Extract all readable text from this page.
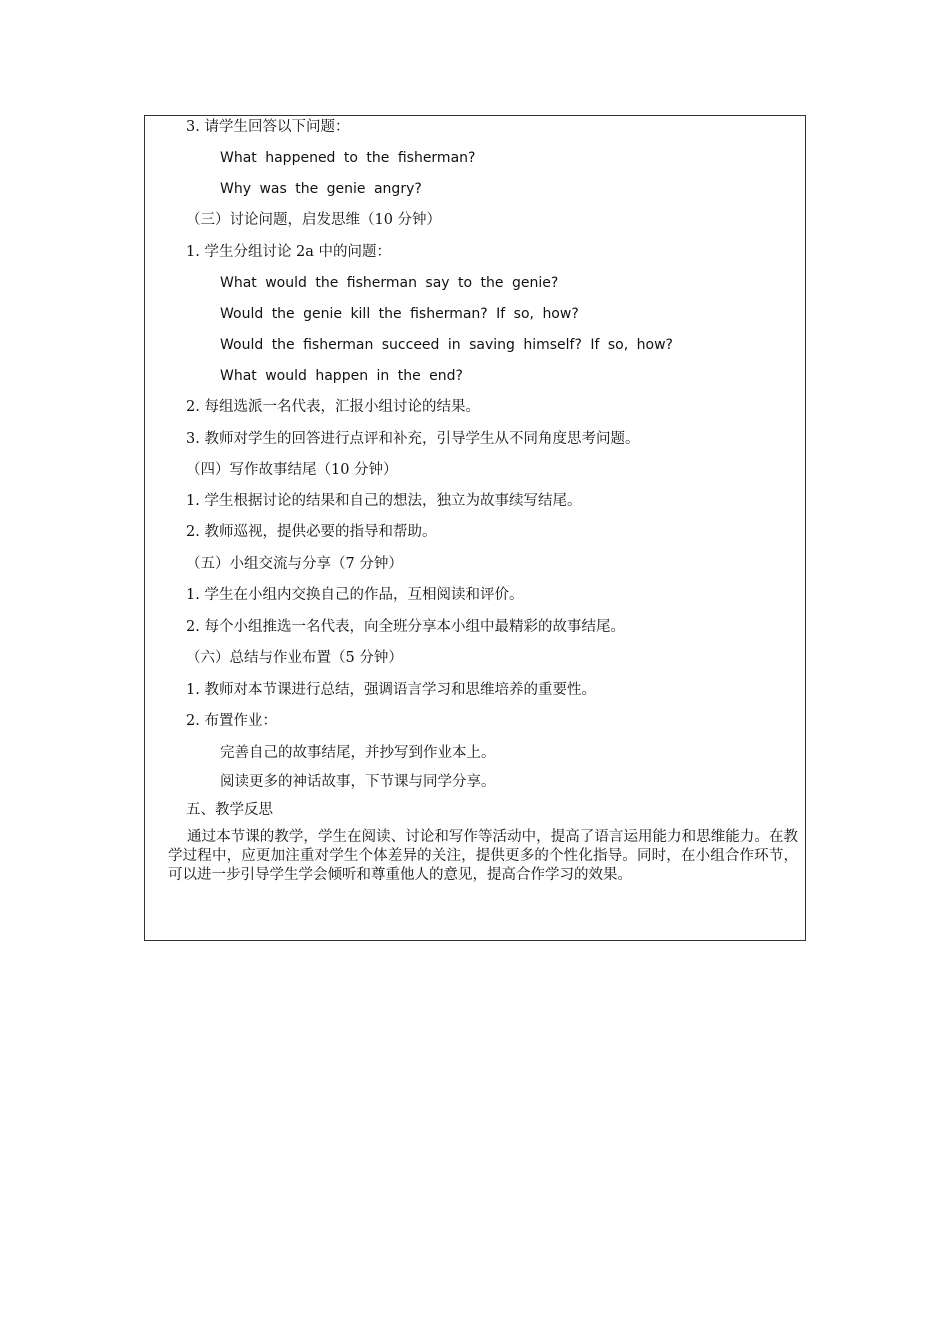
3. 请学生回答以下问题：
What happened to the fisherman?
Why was the genie angry?
（三）讨论问题，启发思维（10 分钟）
1. 学生分组讨论 2a 中的问题：
What would the fisherman say to the genie?
Would the genie kill the fisherman? If so, how?
Would the fisherman succeed in saving himself? If so, how?
What would happen in the end?
2. 每组选派一名代表，汇报小组讨论的结果。
3. 教师对学生的回答进行点评和补充，引导学生从不同角度思考问题。
（四）写作故事结尾（10 分钟）
1. 学生根据讨论的结果和自己的想法，独立为故事续写结尾。
2. 教师巡视，提供必要的指导和帮助。
（五）小组交流与分享（7 分钟）
1. 学生在小组内交换自己的作品，互相阅读和评价。
2. 每个小组推选一名代表，向全班分享本小组中最精彩的故事结尾。
（六）总结与作业布置（5 分钟）
1. 教师对本节课进行总结，强调语言学习和思维培养的重要性。
2. 布置作业：
完善自己的故事结尾，并抄写到作业本上。
阅读更多的神话故事，下节课与同学分享。
五、教学反思
通过本节课的教学，学生在阅读、讨论和写作等活动中，提高了语言运用能力和思维能力。在教学过程中，应更加注重对学生个体差异的关注，提供更多的个性化指导。同时，在小组合作环节，可以进一步引导学生学会倾听和尊重他人的意见，提高合作学习的效果。
